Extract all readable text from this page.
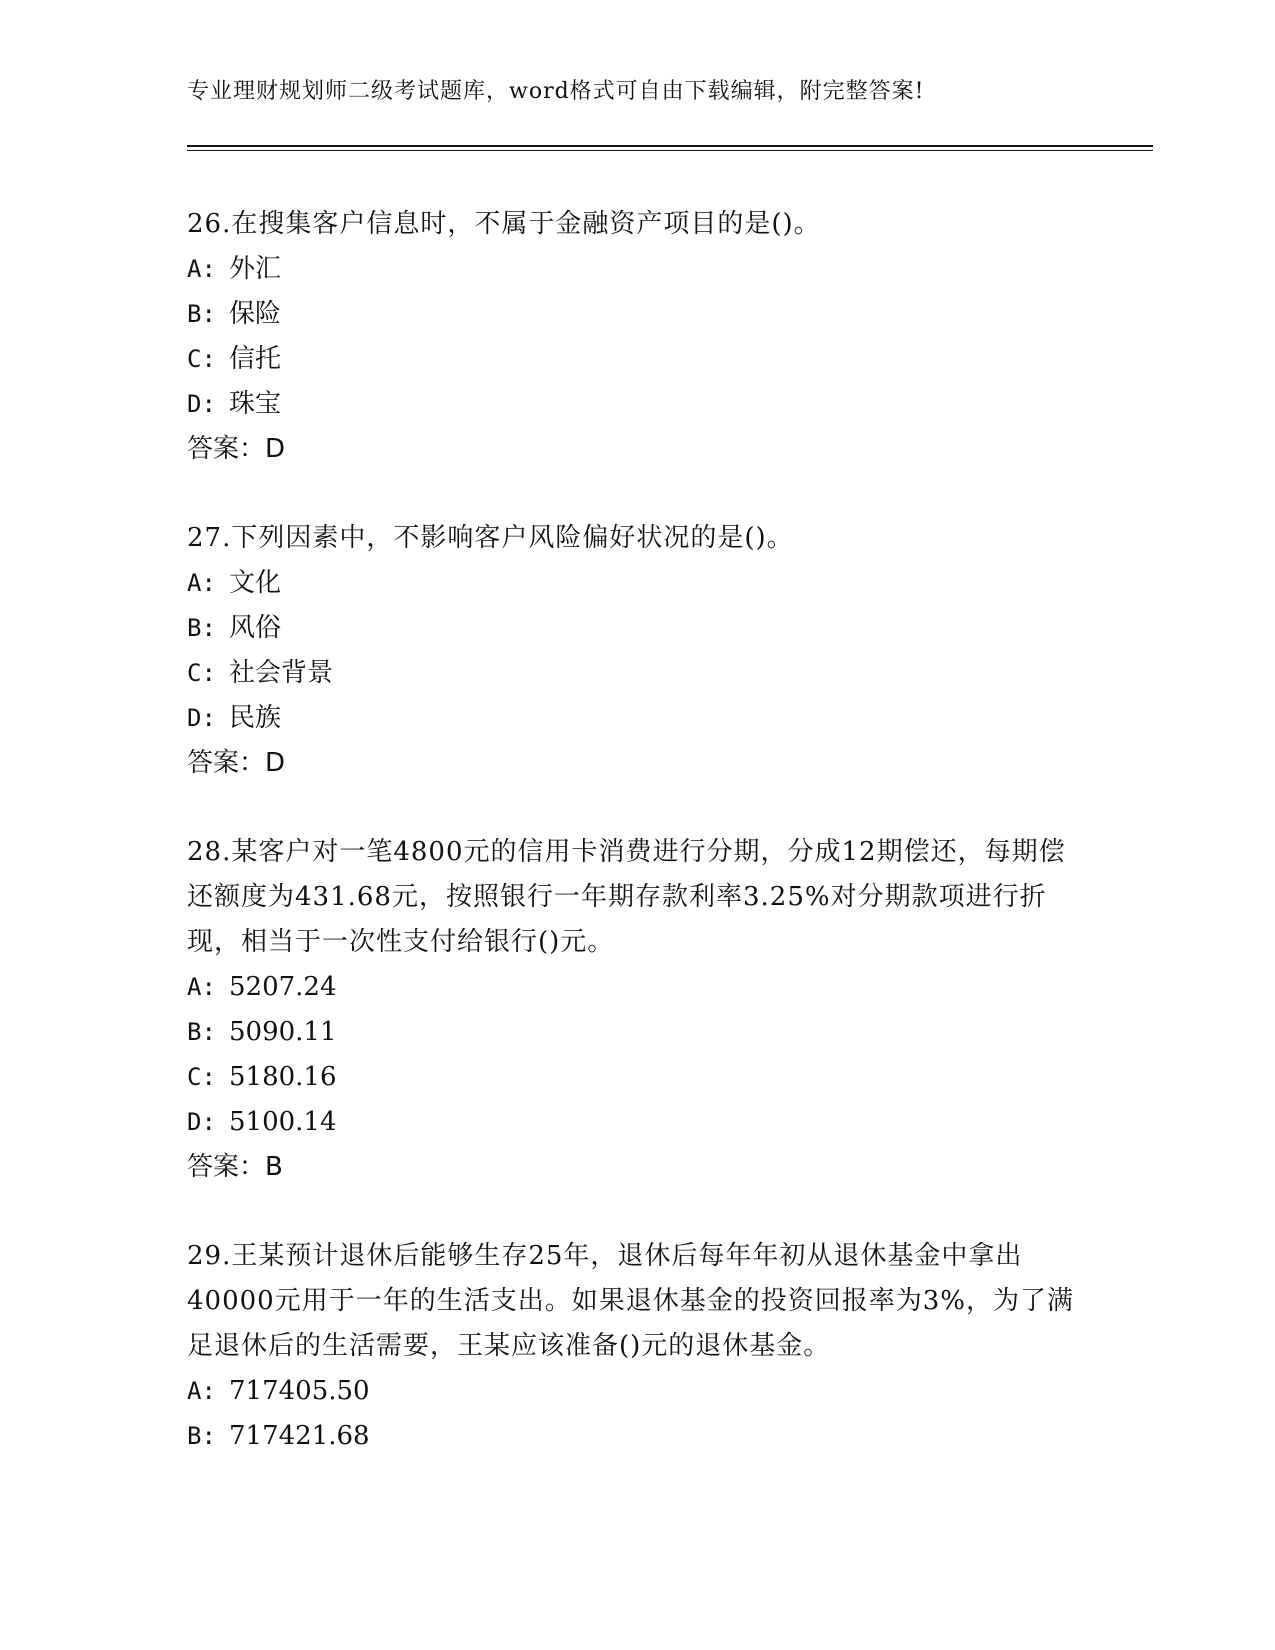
专业理财规划师二级考试题库，word格式可自由下载编辑，附完整答案!

26.在搜集客户信息时，不属于金融资产项目的是()。

A: 外汇

B: 保险

C: 信托

D: 珠宝

答案：D

27.下列因素中，不影响客户风险偏好状况的是()。

A: 文化

B: 风俗

C: 社会背景

D: 民族

答案：D

28.某客户对一笔4800元的信用卡消费进行分期，分成12期偿还，每期偿还额度为431.68元，按照银行一年期存款利率3.25%对分期款项进行折现，相当于一次性支付给银行()元。

A: 5207.24

B: 5090.11

C: 5180.16

D: 5100.14

答案：B

29.王某预计退休后能够生存25年，退休后每年年初从退休基金中拿出40000元用于一年的生活支出。如果退休基金的投资回报率为3%，为了满足退休后的生活需要，王某应该准备()元的退休基金。

A: 717405.50

B: 717421.68
